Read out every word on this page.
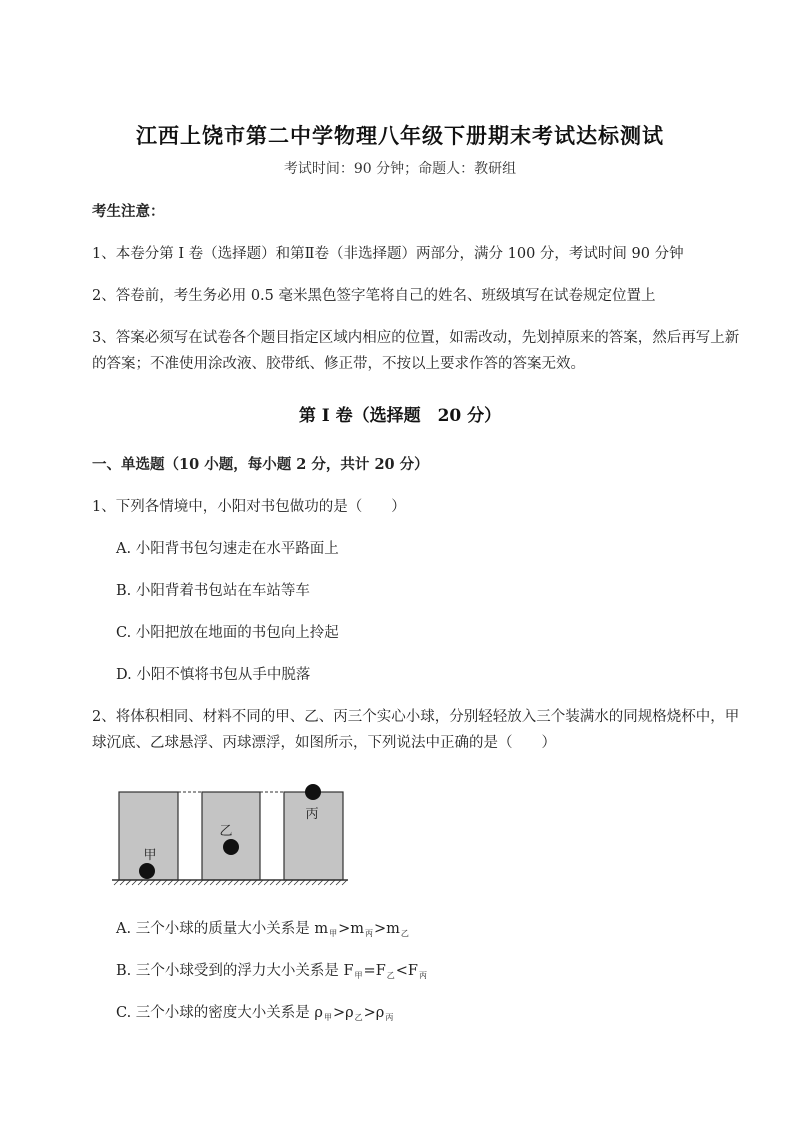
江西上饶市第二中学物理八年级下册期末考试达标测试
考试时间：90 分钟；命题人：教研组
考生注意：
1、本卷分第 I 卷（选择题）和第Ⅱ卷（非选择题）两部分，满分 100 分，考试时间 90 分钟
2、答卷前，考生务必用 0.5 毫米黑色签字笔将自己的姓名、班级填写在试卷规定位置上
3、答案必须写在试卷各个题目指定区域内相应的位置，如需改动，先划掉原来的答案，然后再写上新
的答案；不准使用涂改液、胶带纸、修正带，不按以上要求作答的答案无效。
第 I 卷（选择题　20 分）
一、单选题（10 小题，每小题 2 分，共计 20 分）
1、下列各情境中，小阳对书包做功的是（　　）
A. 小阳背书包匀速走在水平路面上
B. 小阳背着书包站在车站等车
C. 小阳把放在地面的书包向上拎起
D. 小阳不慎将书包从手中脱落
2、将体积相同、材料不同的甲、乙、丙三个实心小球，分别轻轻放入三个装满水的同规格烧杯中，甲
球沉底、乙球悬浮、丙球漂浮，如图所示，下列说法中正确的是（　　）
甲
乙
丙
A. 三个小球的质量大小关系是 $m_甲>m_丙>m_乙$
B. 三个小球受到的浮力大小关系是 $F_甲=F_乙<F_丙$
C. 三个小球的密度大小关系是 $\rho_甲>\rho_乙>\rho_丙$
